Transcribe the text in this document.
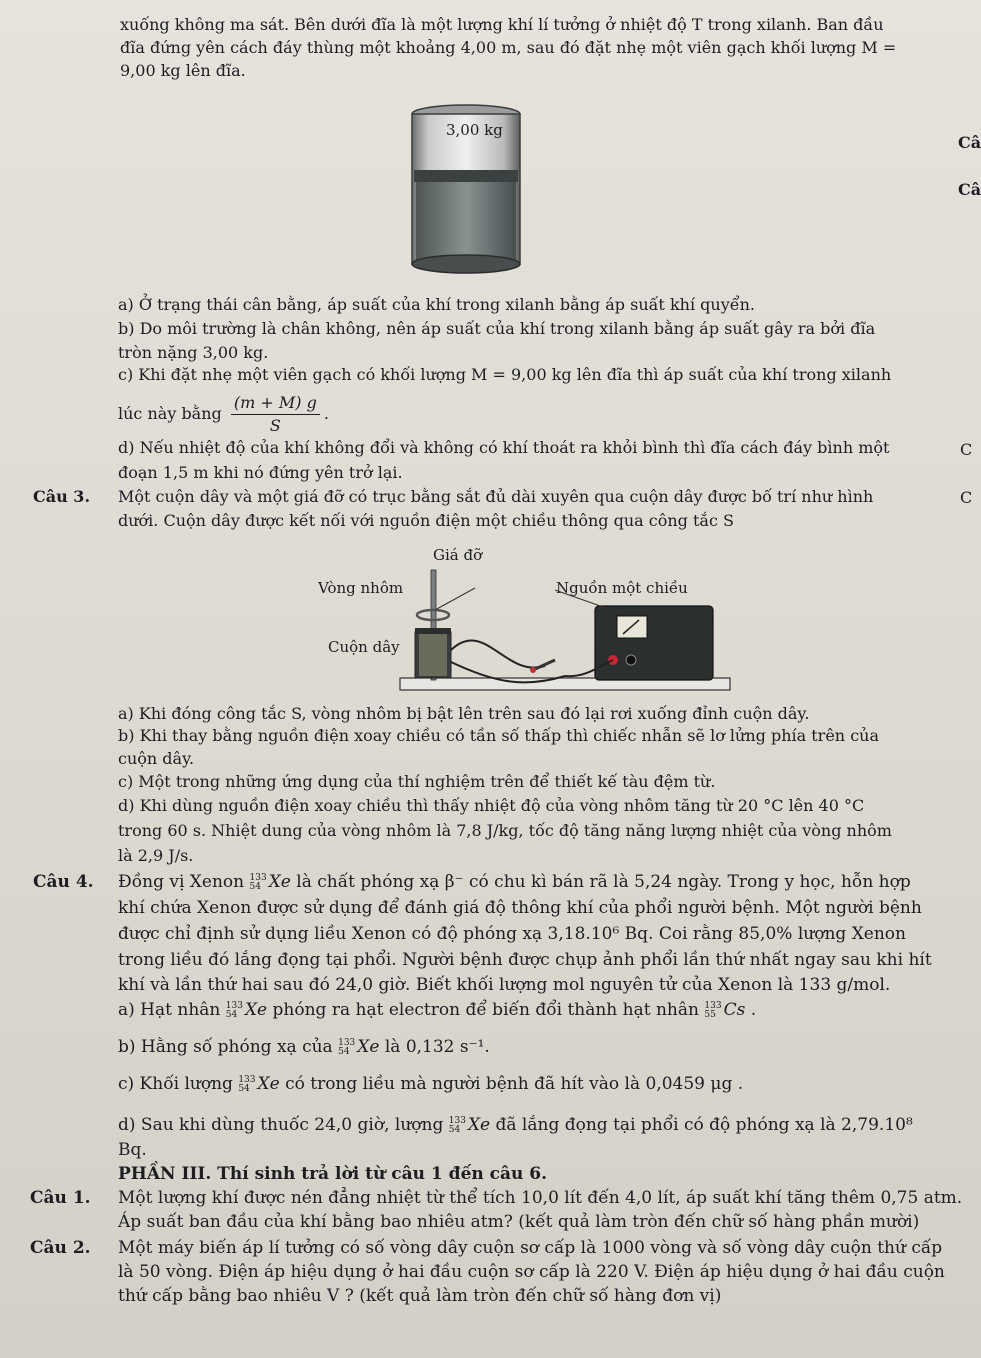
xuống không ma sát. Bên dưới đĩa là một lượng khí lí tưởng ở nhiệt độ T trong xilanh. Ban đầu
đĩa đứng yên cách đáy thùng một khoảng 4,00 m, sau đó đặt nhẹ một viên gạch khối lượng M =
9,00 kg lên đĩa.
3,00 kg
Câ
Câ
C
C
a) Ở trạng thái cân bằng, áp suất của khí trong xilanh bằng áp suất khí quyển.
b) Do môi trường là chân không, nên áp suất của khí trong xilanh bằng áp suất gây ra bởi đĩa
tròn nặng 3,00 kg.
c) Khi đặt nhẹ một viên gạch có khối lượng M = 9,00 kg lên đĩa thì áp suất của khí trong xilanh
lúc này bằng $\frac{(m + M) g}{S}$ .
d) Nếu nhiệt độ của khí không đổi và không có khí thoát ra khỏi bình thì đĩa cách đáy bình một
đoạn 1,5 m khi nó đứng yên trở lại.
Câu 3. Một cuộn dây và một giá đỡ có trục bằng sắt đủ dài xuyên qua cuộn dây được bố trí như hình
dưới. Cuộn dây được kết nối với nguồn điện một chiều thông qua công tắc S
Giá đỡ
Vòng nhôm	Nguồn một chiều
Cuộn dây
a) Khi đóng công tắc S, vòng nhôm bị bật lên trên sau đó lại rơi xuống đỉnh cuộn dây.
b) Khi thay bằng nguồn điện xoay chiều có tần số thấp thì chiếc nhẫn sẽ lơ lửng phía trên của
cuộn dây.
c) Một trong những ứng dụng của thí nghiệm trên để thiết kế tàu đệm từ.
d) Khi dùng nguồn điện xoay chiều thì thấy nhiệt độ của vòng nhôm tăng từ 20 °C lên 40 °C
trong 60 s. Nhiệt dung của vòng nhôm là 7,8 J/kg, tốc độ tăng năng lượng nhiệt của vòng nhôm
là 2,9 J/s.
Câu 4. Đồng vị Xenon 133
54 Xe là chất phóng xạ β⁻ có chu kì bán rã là 5,24 ngày. Trong y học, hỗn hợp
khí chứa Xenon được sử dụng để đánh giá độ thông khí của phổi người bệnh. Một người bệnh
được chỉ định sử dụng liều Xenon có độ phóng xạ 3,18.10⁶ Bq. Coi rằng 85,0% lượng Xenon
trong liều đó lắng đọng tại phổi. Người bệnh được chụp ảnh phổi lần thứ nhất ngay sau khi hít
khí và lần thứ hai sau đó 24,0 giờ. Biết khối lượng mol nguyên tử của Xenon là 133 g/mol.
a) Hạt nhân 133
54 Xe phóng ra hạt electron để biến đổi thành hạt nhân 133
55 Cs .
b) Hằng số phóng xạ của 133
54 Xe là 0,132 s⁻¹.
c) Khối lượng 133
54 Xe có trong liều mà người bệnh đã hít vào là 0,0459 μg .
d) Sau khi dùng thuốc 24,0 giờ, lượng 133
54 Xe đã lắng đọng tại phổi có độ phóng xạ là 2,79.10⁸
Bq.
PHẦN III. Thí sinh trả lời từ câu 1 đến câu 6.
Câu 1. Một lượng khí được nén đẳng nhiệt từ thể tích 10,0 lít đến 4,0 lít, áp suất khí tăng thêm 0,75 atm.
Áp suất ban đầu của khí bằng bao nhiêu atm? (kết quả làm tròn đến chữ số hàng phần mười)
Câu 2. Một máy biến áp lí tưởng có số vòng dây cuộn sơ cấp là 1000 vòng và số vòng dây cuộn thứ cấp
là 50 vòng. Điện áp hiệu dụng ở hai đầu cuộn sơ cấp là 220 V. Điện áp hiệu dụng ở hai đầu cuộn
thứ cấp bằng bao nhiêu V ? (kết quả làm tròn đến chữ số hàng đơn vị)
